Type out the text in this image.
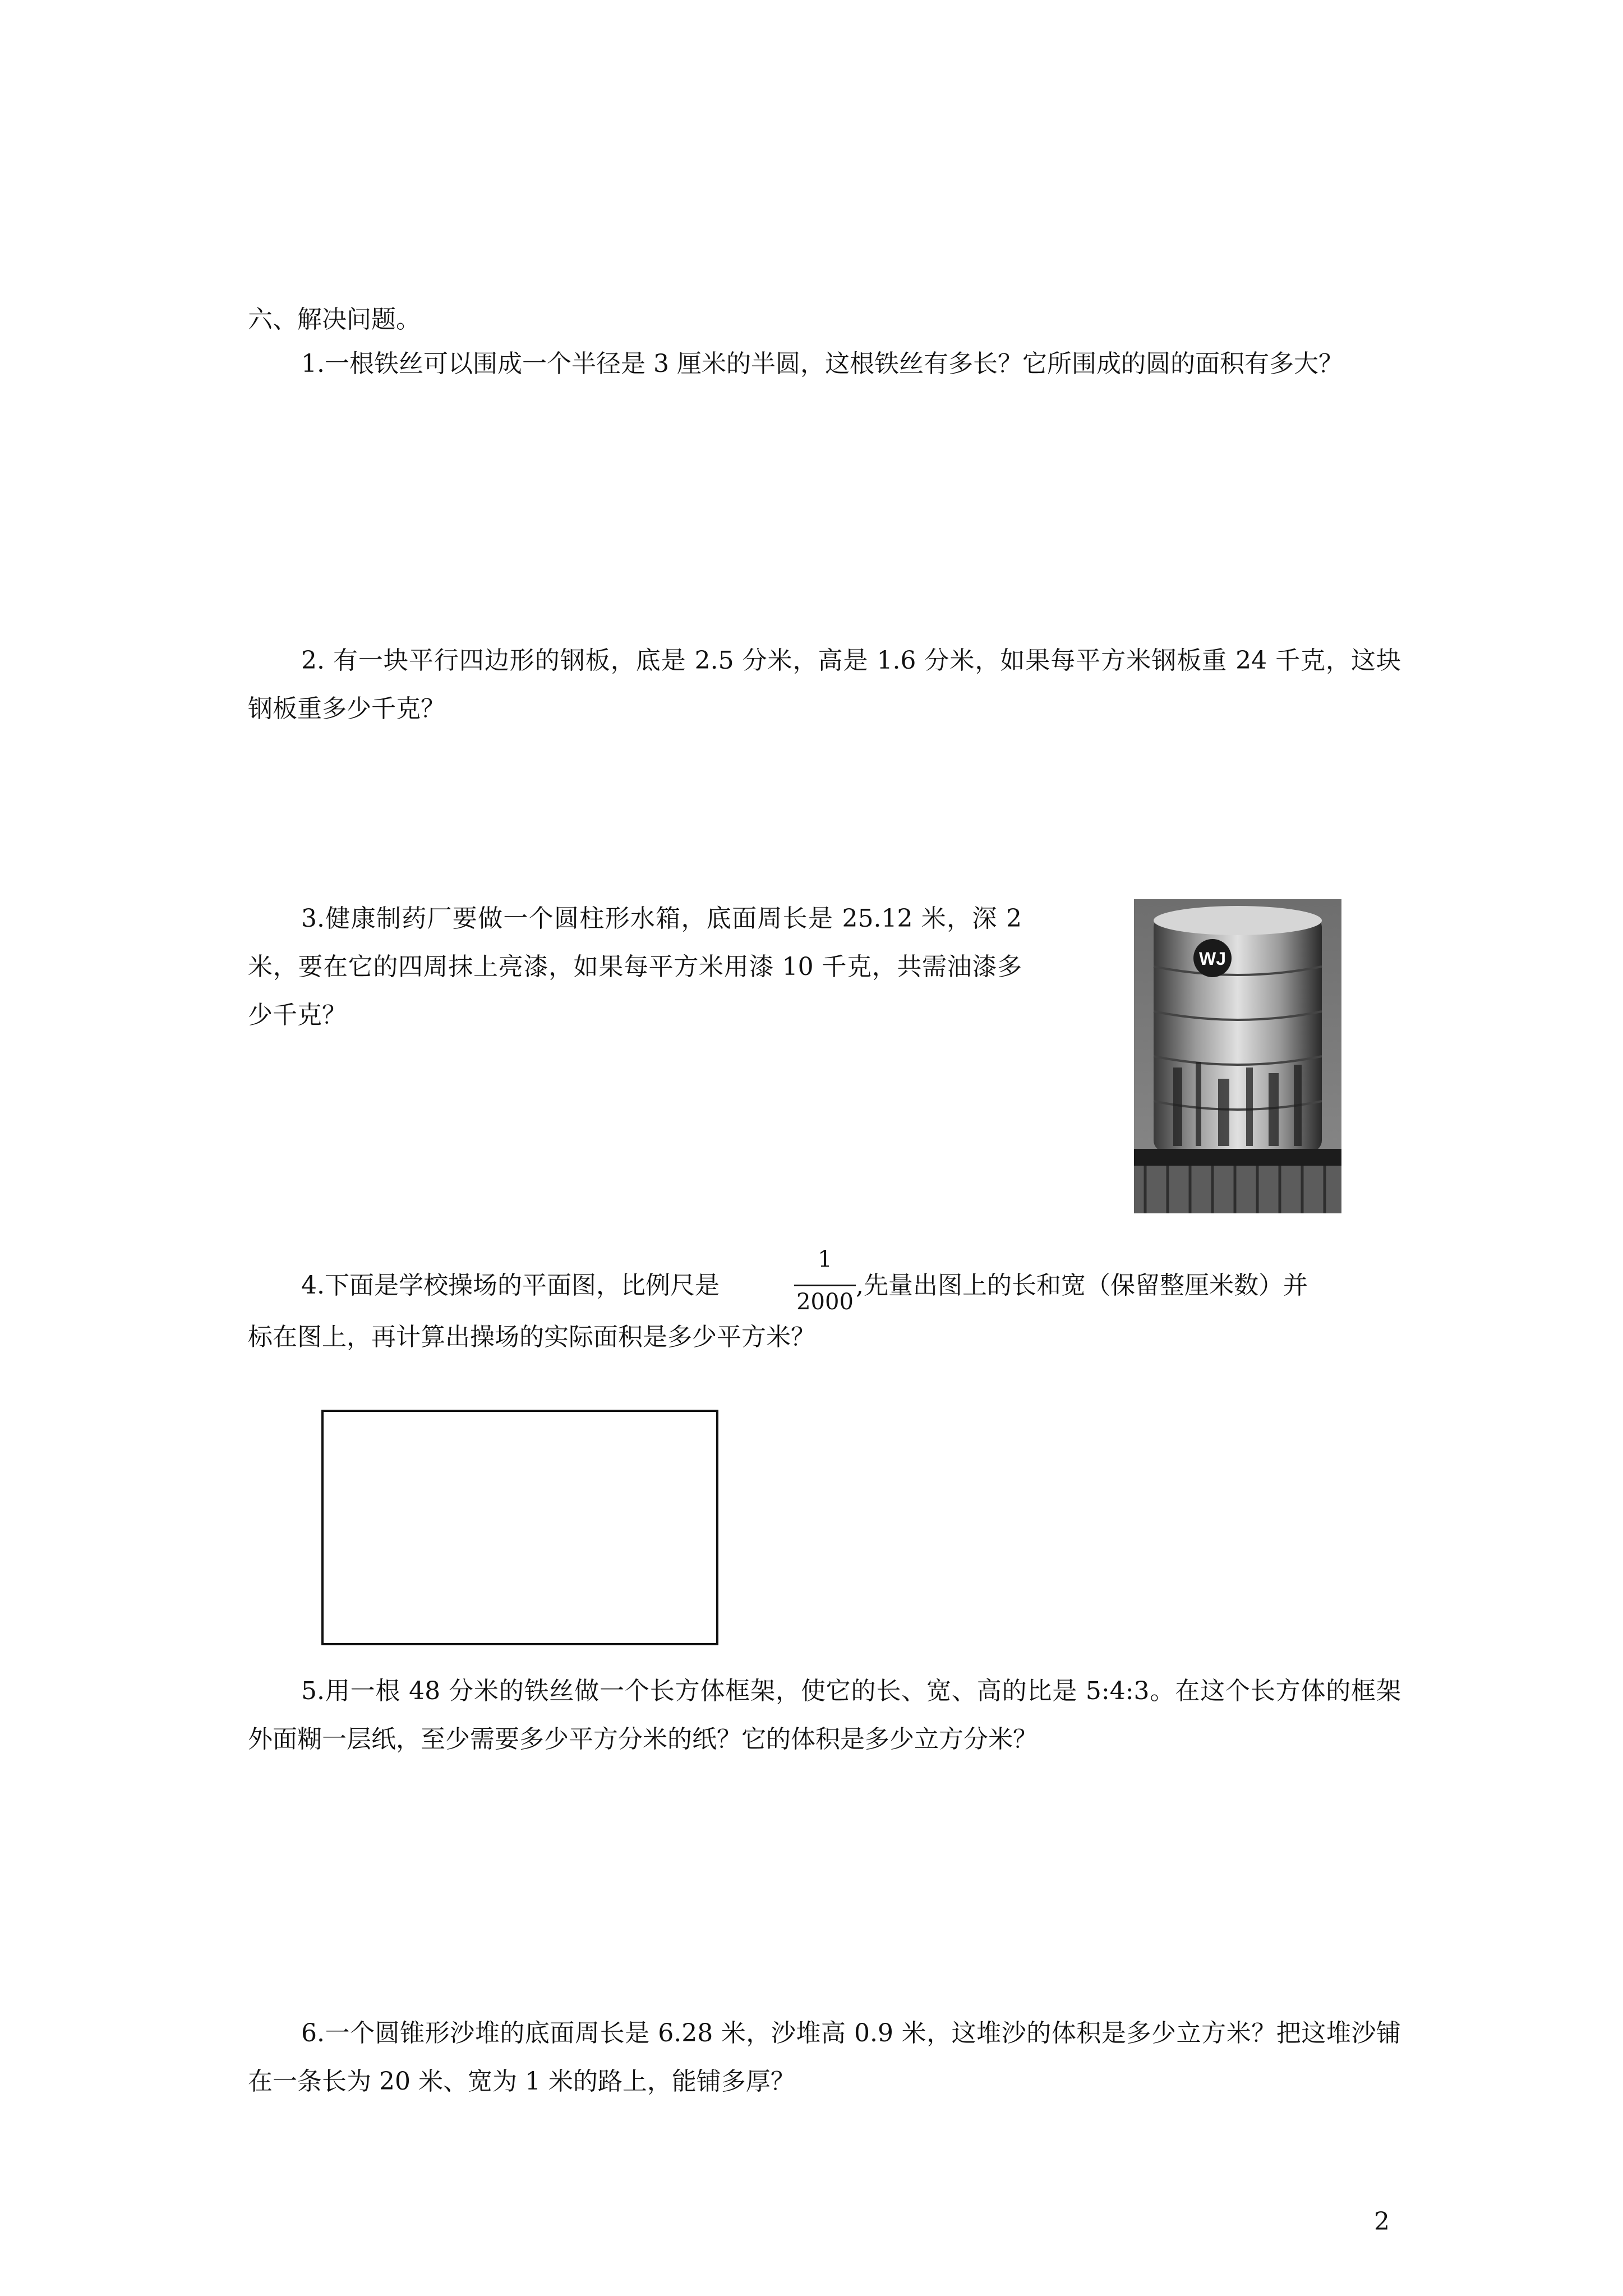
六、解决问题。
1.一根铁丝可以围成一个半径是 3 厘米的半圆，这根铁丝有多长？它所围成的圆的面积有多大？
2. 有一块平行四边形的钢板，底是 2.5 分米，高是 1.6 分米，如果每平方米钢板重 24 千克，这块钢板重多少千克？
3.健康制药厂要做一个圆柱形水箱，底面周长是 25.12 米，深 2 米，要在它的四周抹上亮漆，如果每平方米用漆 10 千克，共需油漆多少千克？
WJ
4.下面是学校操场的平面图，比例尺是
1
2000
,先量出图上的长和宽（保留整厘米数）并
标在图上，再计算出操场的实际面积是多少平方米？
5.用一根 48 分米的铁丝做一个长方体框架，使它的长、宽、高的比是 5:4:3。在这个长方体的框架外面糊一层纸，至少需要多少平方分米的纸？它的体积是多少立方分米？
6.一个圆锥形沙堆的底面周长是 6.28 米，沙堆高 0.9 米，这堆沙的体积是多少立方米？把这堆沙铺在一条长为 20 米、宽为 1 米的路上，能铺多厚？
2
